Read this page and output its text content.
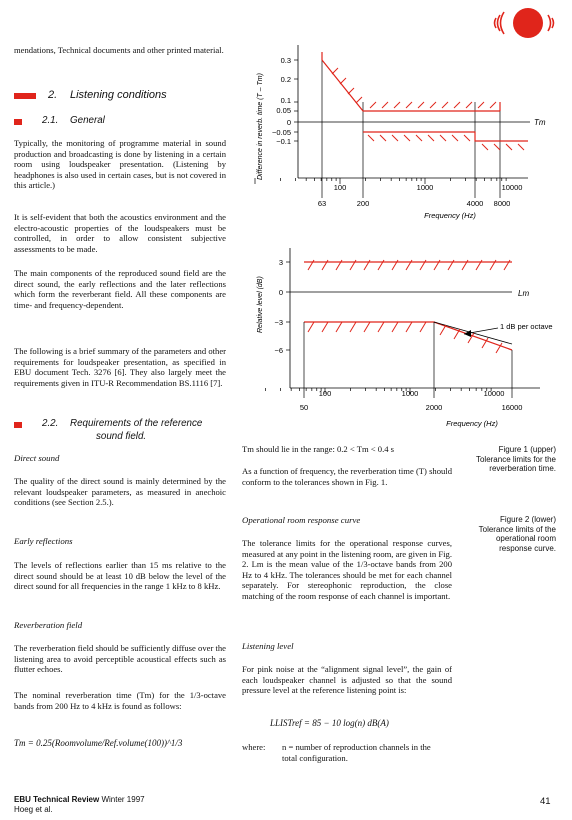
mendations, Technical documents and other printed material.

2. Listening conditions
2.1. General

Typically, the monitoring of programme material in sound production and broadcasting is done by listening in a certain room using loudspeaker presentation. (Listening by headphones is also used in certain cases, but is not covered in this article.)

It is self-evident that both the acoustics environment and the electro-acoustic properties of the loudspeakers must be controlled, in order to allow consistent subjective assessments to be made.

The main components of the reproduced sound field are the direct sound, the early reflections and the later reflections which form the reverberant field. All these components are time- and frequency-dependent.

The following is a brief summary of the parameters and other requirements for loudspeaker presentation, as specified in EBU document Tech. 3276 [6]. They also largely meet the requirements given in ITU-R Recommendation BS.1116 [7].

2.2. Requirements of the reference
sound field.
Direct sound

The quality of the direct sound is mainly determined by the relevant loudspeaker parameters, as measured in anechoic conditions (see Section 2.5.).

Early reflections

The levels of reflections earlier than 15 ms relative to the direct sound should be at least 10 dB below the level of the direct sound for all frequencies in the range 1 kHz to 8 kHz.

Reverberation field

The reverberation field should be sufficiently diffuse over the listening area to avoid perceptible acoustical effects such as flutter echoes.

The nominal reverberation time (Tm) for the 1/3-octave bands from 200 Hz to 4 kHz is found as follows:

Tm = 0.25(Roomvolume/Ref.volume(100))^1/3

Tm should lie in the range: 0.2 < Tm < 0.4 s

As a function of frequency, the reverberation time (T) should conform to the tolerances shown in Fig. 1.

Operational room response curve

The tolerance limits for the operational response curves, measured at any point in the listening room, are given in Fig. 2. Lm is the mean value of the 1/3-octave bands from 200 Hz to 4 kHz. The tolerances should be met for each channel separately. For stereophonic reproduction, the close matching of the room response of each channel is important.

Listening level

For pink noise at the “alignment signal level”, the gain of each loudspeaker channel is adjusted so that the sound pressure level at the reference listening point is:

LLISTref = 85 − 10 log(n) dB(A)
where: n = number of reproduction channels in the total configuration.
Figure 1 (upper) Tolerance limits for the reverberation time.
Figure 2 (lower) Tolerance limits of the operational room response curve.
0.3
0.2
0.1
0.05
0
−0.05
−0.1
Difference in reverb. time (T – Tm)	Tm
100	1000	10000
63	200	4000 8000
Frequency (Hz)
3
0
−3
−6
Relative level (dB)	Lm
1 dB per octave
100	1000	10000
50	2000	16000
Frequency (Hz)
EBU Technical Review Winter 1997
Hoeg et al.
41
